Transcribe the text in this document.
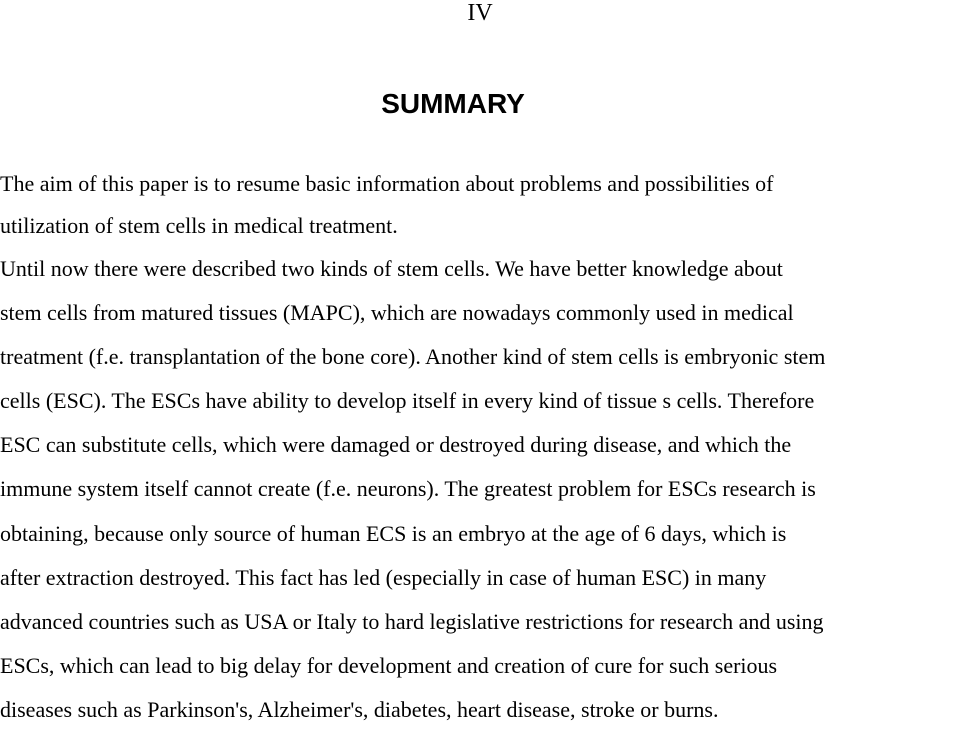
IV
SUMMARY
The aim of this paper is to resume basic information about problems and possibilities of
utilization of stem cells in medical treatment.
Until now there were described two kinds of stem cells. We have better knowledge about
stem cells from matured tissues (MAPC), which are nowadays commonly used in medical
treatment (f.e. transplantation of the bone core). Another kind of stem cells is embryonic stem
cells (ESC). The ESCs have ability to develop itself in every kind of tissue s cells. Therefore
ESC can substitute cells, which were damaged or destroyed during disease, and which the
immune system itself cannot create (f.e. neurons). The greatest problem for ESCs research is
obtaining, because only source of human ECS is an embryo at the age of 6 days, which is
after extraction destroyed. This fact has led (especially in case of human ESC) in many
advanced countries such as USA or Italy to hard legislative restrictions for research and using
ESCs, which can lead to big delay for development and creation of cure for such serious
diseases such as Parkinson's, Alzheimer's, diabetes, heart disease, stroke or burns.
